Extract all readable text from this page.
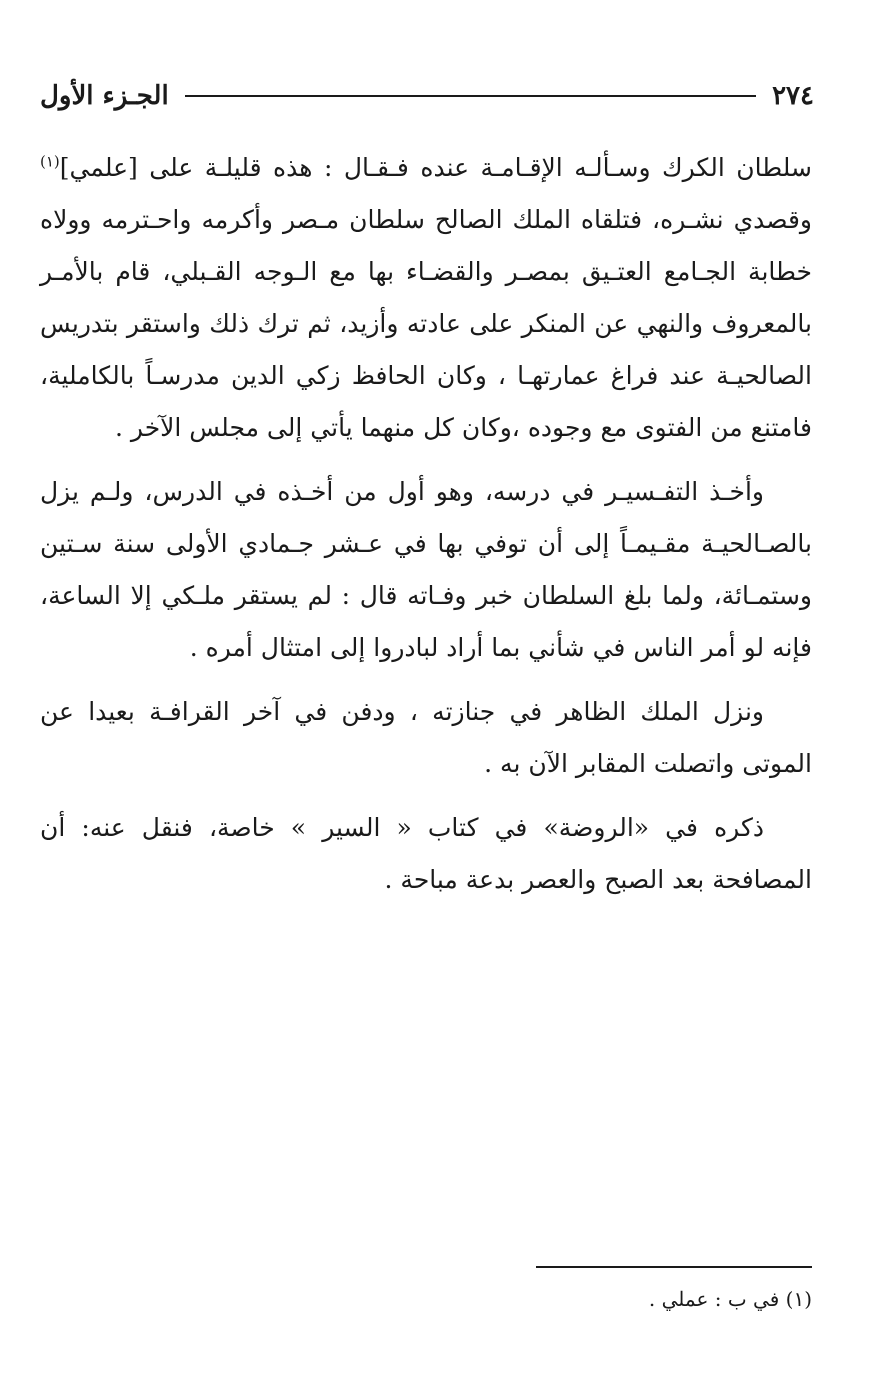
٢٧٤
الجـزء الأول

سلطان الكرك وسـألـه الإقـامـة عنده فـقـال : هذه قليلـة على [علمي]$^{(١)}$ وقصدي نشـره، فتلقاه الملك الصالح سلطان مـصر وأكرمه واحـترمه وولاه خطابة الجـامع العتـيق بمصـر والقضـاء بها مع الـوجه القـبلي، قام بالأمـر بالمعروف والنهي عن المنكر على عادته وأزيد، ثم ترك ذلك واستقر بتدريس الصالحيـة عند فراغ عمارتهـا ، وكان الحافظ زكي الدين مدرسـاً بالكاملية، فامتنع من الفتوى مع وجوده ،وكان كل منهما يأتي إلى مجلس الآخر .

وأخـذ التفـسيـر في درسه، وهو أول من أخـذه في الدرس، ولـم يزل بالصـالحيـة مقـيمـاً إلى أن توفي بها في عـشر جـمادي الأولى سنة سـتين وستمـائة، ولما بلغ السلطان خبر وفـاته قال : لم يستقر ملـكي إلا الساعة، فإنه لو أمر الناس في شأني بما أراد لبادروا إلى امتثال أمره .

ونزل الملك الظاهر في جنازته ، ودفن في آخر القرافـة بعيدا عن الموتى واتصلت المقابر الآن به .

ذكره في «الروضة» في كتاب « السير » خاصة، فنقل عنه: أن المصافحة بعد الصبح والعصر بدعة مباحة .

(١) في ب : عملي .
